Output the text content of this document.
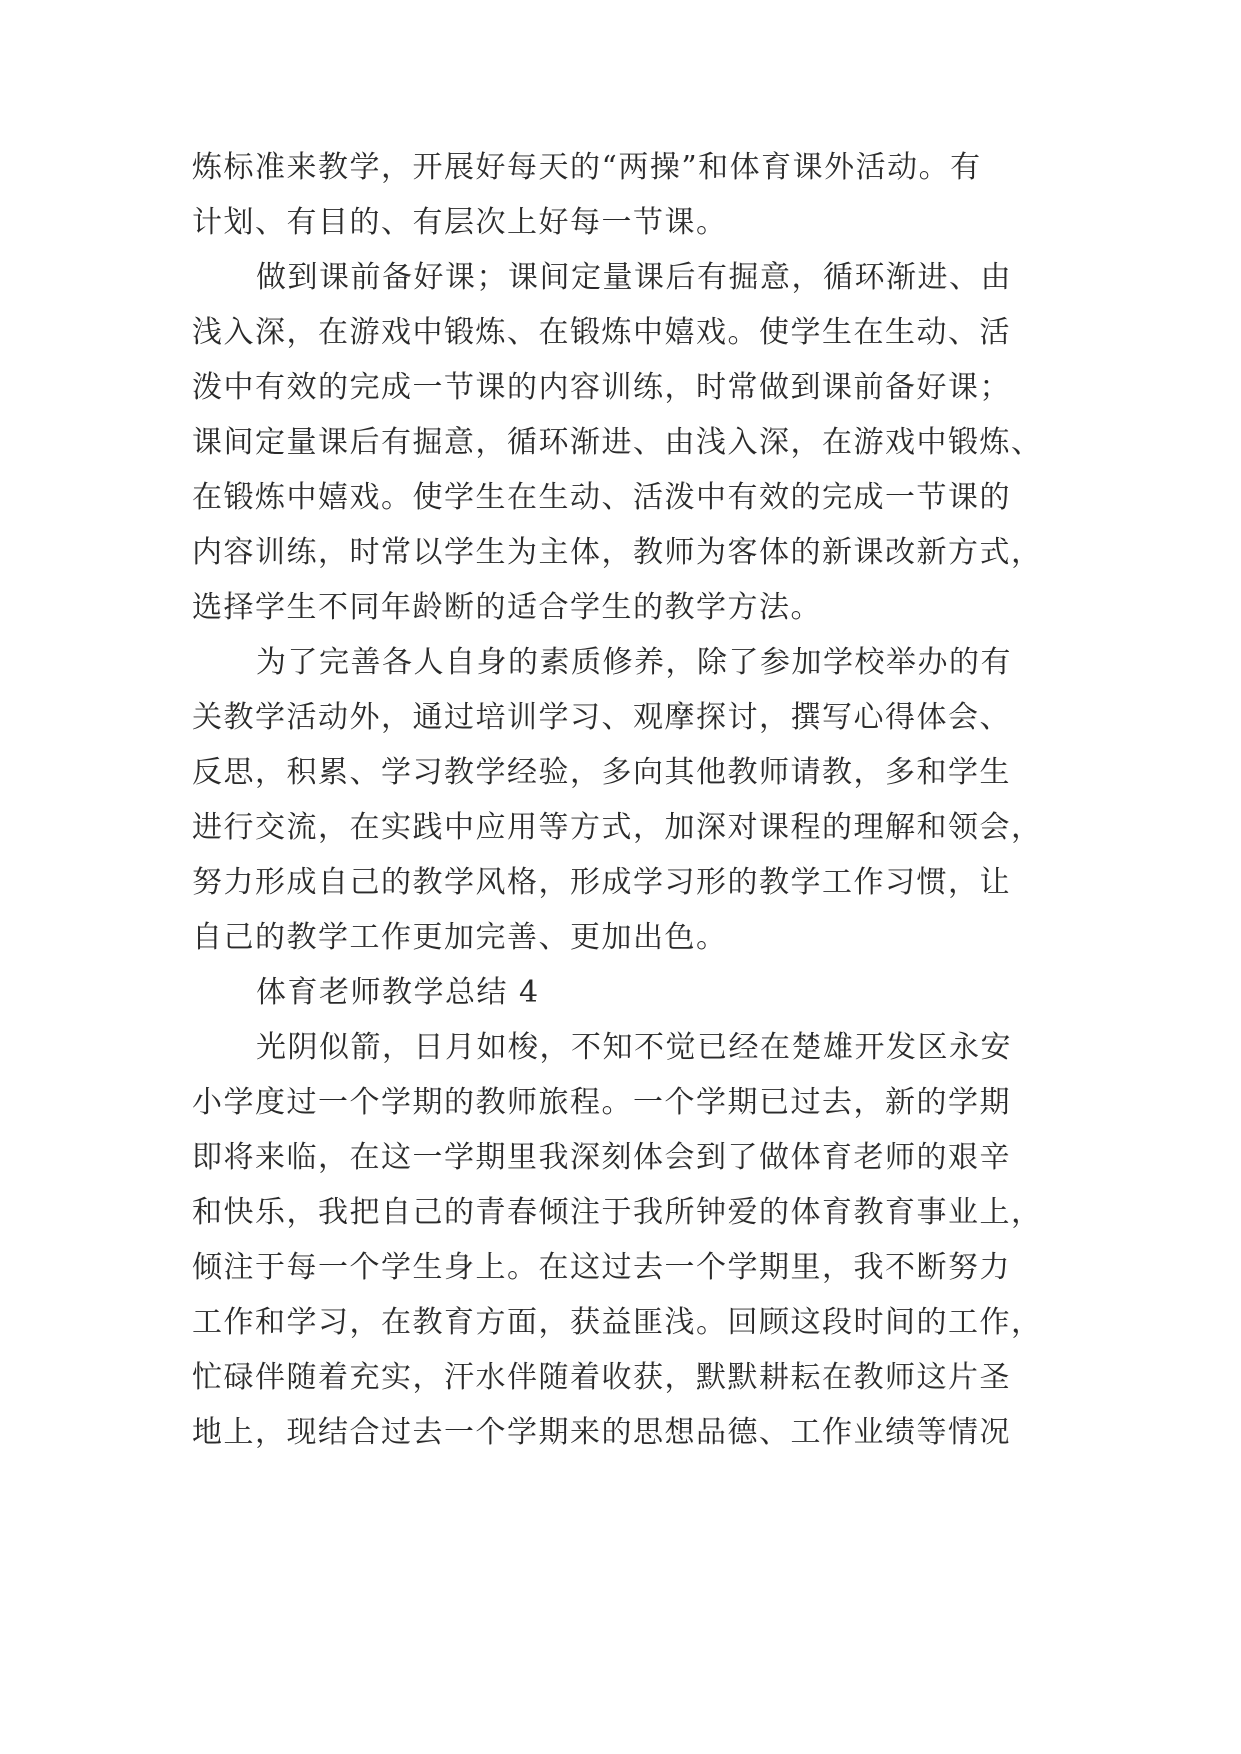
炼标准来教学，开展好每天的“两操”和体育课外活动。有
计划、有目的、有层次上好每一节课。
做到课前备好课；课间定量课后有掘意，循环渐进、由
浅入深，在游戏中锻炼、在锻炼中嬉戏。使学生在生动、活
泼中有效的完成一节课的内容训练，时常做到课前备好课；
课间定量课后有掘意，循环渐进、由浅入深，在游戏中锻炼、
在锻炼中嬉戏。使学生在生动、活泼中有效的完成一节课的
内容训练，时常以学生为主体，教师为客体的新课改新方式，
选择学生不同年龄断的适合学生的教学方法。
为了完善各人自身的素质修养，除了参加学校举办的有
关教学活动外，通过培训学习、观摩探讨，撰写心得体会、
反思，积累、学习教学经验，多向其他教师请教，多和学生
进行交流，在实践中应用等方式，加深对课程的理解和领会，
努力形成自己的教学风格，形成学习形的教学工作习惯，让
自己的教学工作更加完善、更加出色。
体育老师教学总结 4
光阴似箭，日月如梭，不知不觉已经在楚雄开发区永安
小学度过一个学期的教师旅程。一个学期已过去，新的学期
即将来临，在这一学期里我深刻体会到了做体育老师的艰辛
和快乐，我把自己的青春倾注于我所钟爱的体育教育事业上，
倾注于每一个学生身上。在这过去一个学期里，我不断努力
工作和学习，在教育方面，获益匪浅。回顾这段时间的工作，
忙碌伴随着充实，汗水伴随着收获，默默耕耘在教师这片圣
地上，现结合过去一个学期来的思想品德、工作业绩等情况
